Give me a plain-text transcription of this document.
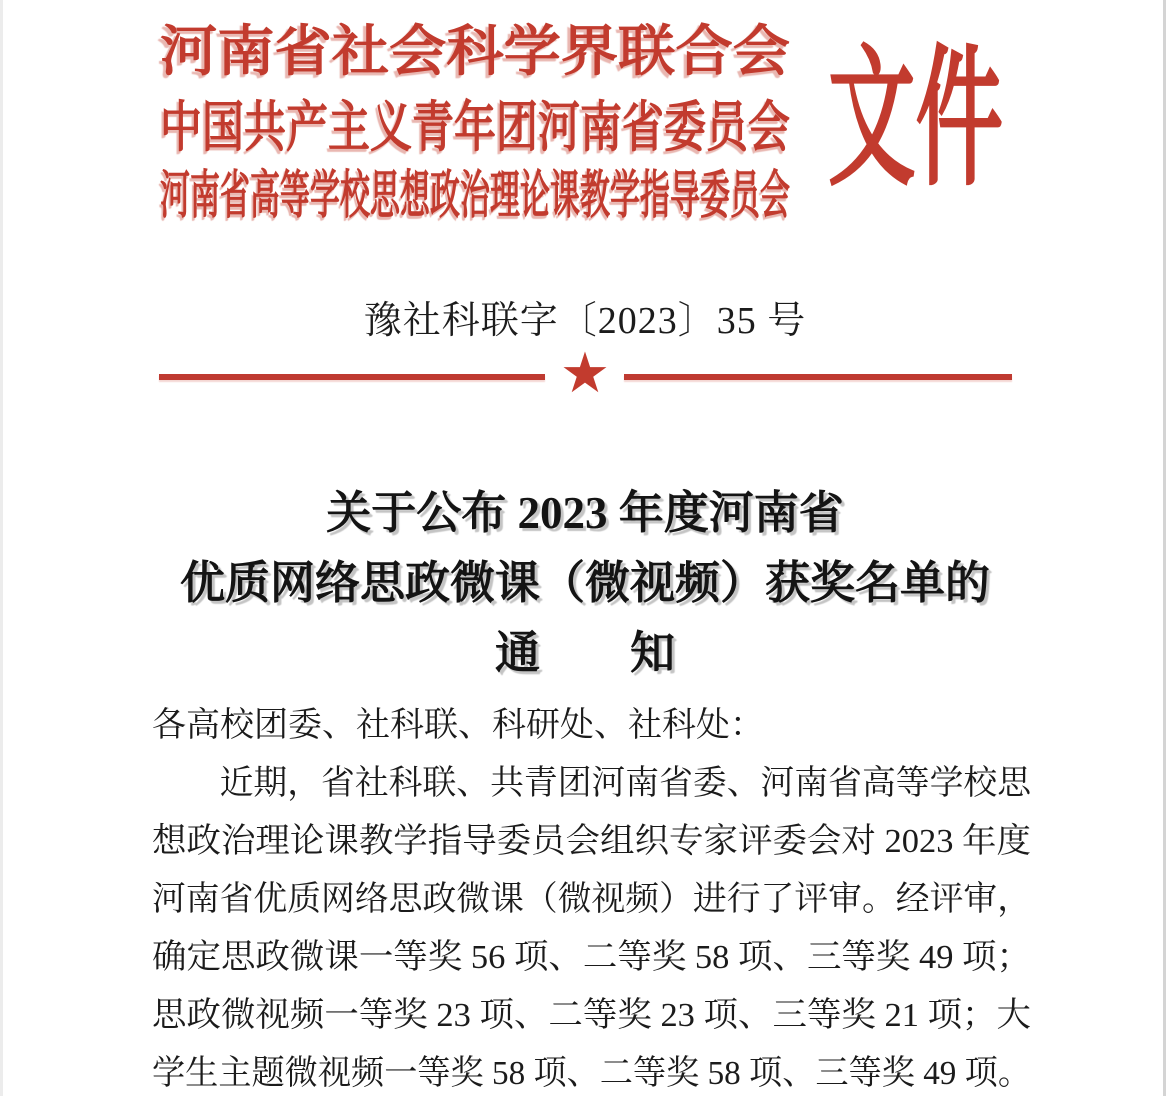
河南省社会科学界联合会
中国共产主义青年团河南省委员会
河南省高等学校思想政治理论课教学指导委员会 文件
豫社科联字〔2023〕35 号
★
关于公布 2023 年度河南省
优质网络思政微课（微视频）获奖名单的
通　　知
各高校团委、社科联、科研处、社科处：
　　近期，省社科联、共青团河南省委、河南省高等学校思
想政治理论课教学指导委员会组织专家评委会对 2023 年度
河南省优质网络思政微课（微视频）进行了评审。经评审，
确定思政微课一等奖 56 项、二等奖 58 项、三等奖 49 项；
思政微视频一等奖 23 项、二等奖 23 项、三等奖 21 项；大
学生主题微视频一等奖 58 项、二等奖 58 项、三等奖 49 项。
